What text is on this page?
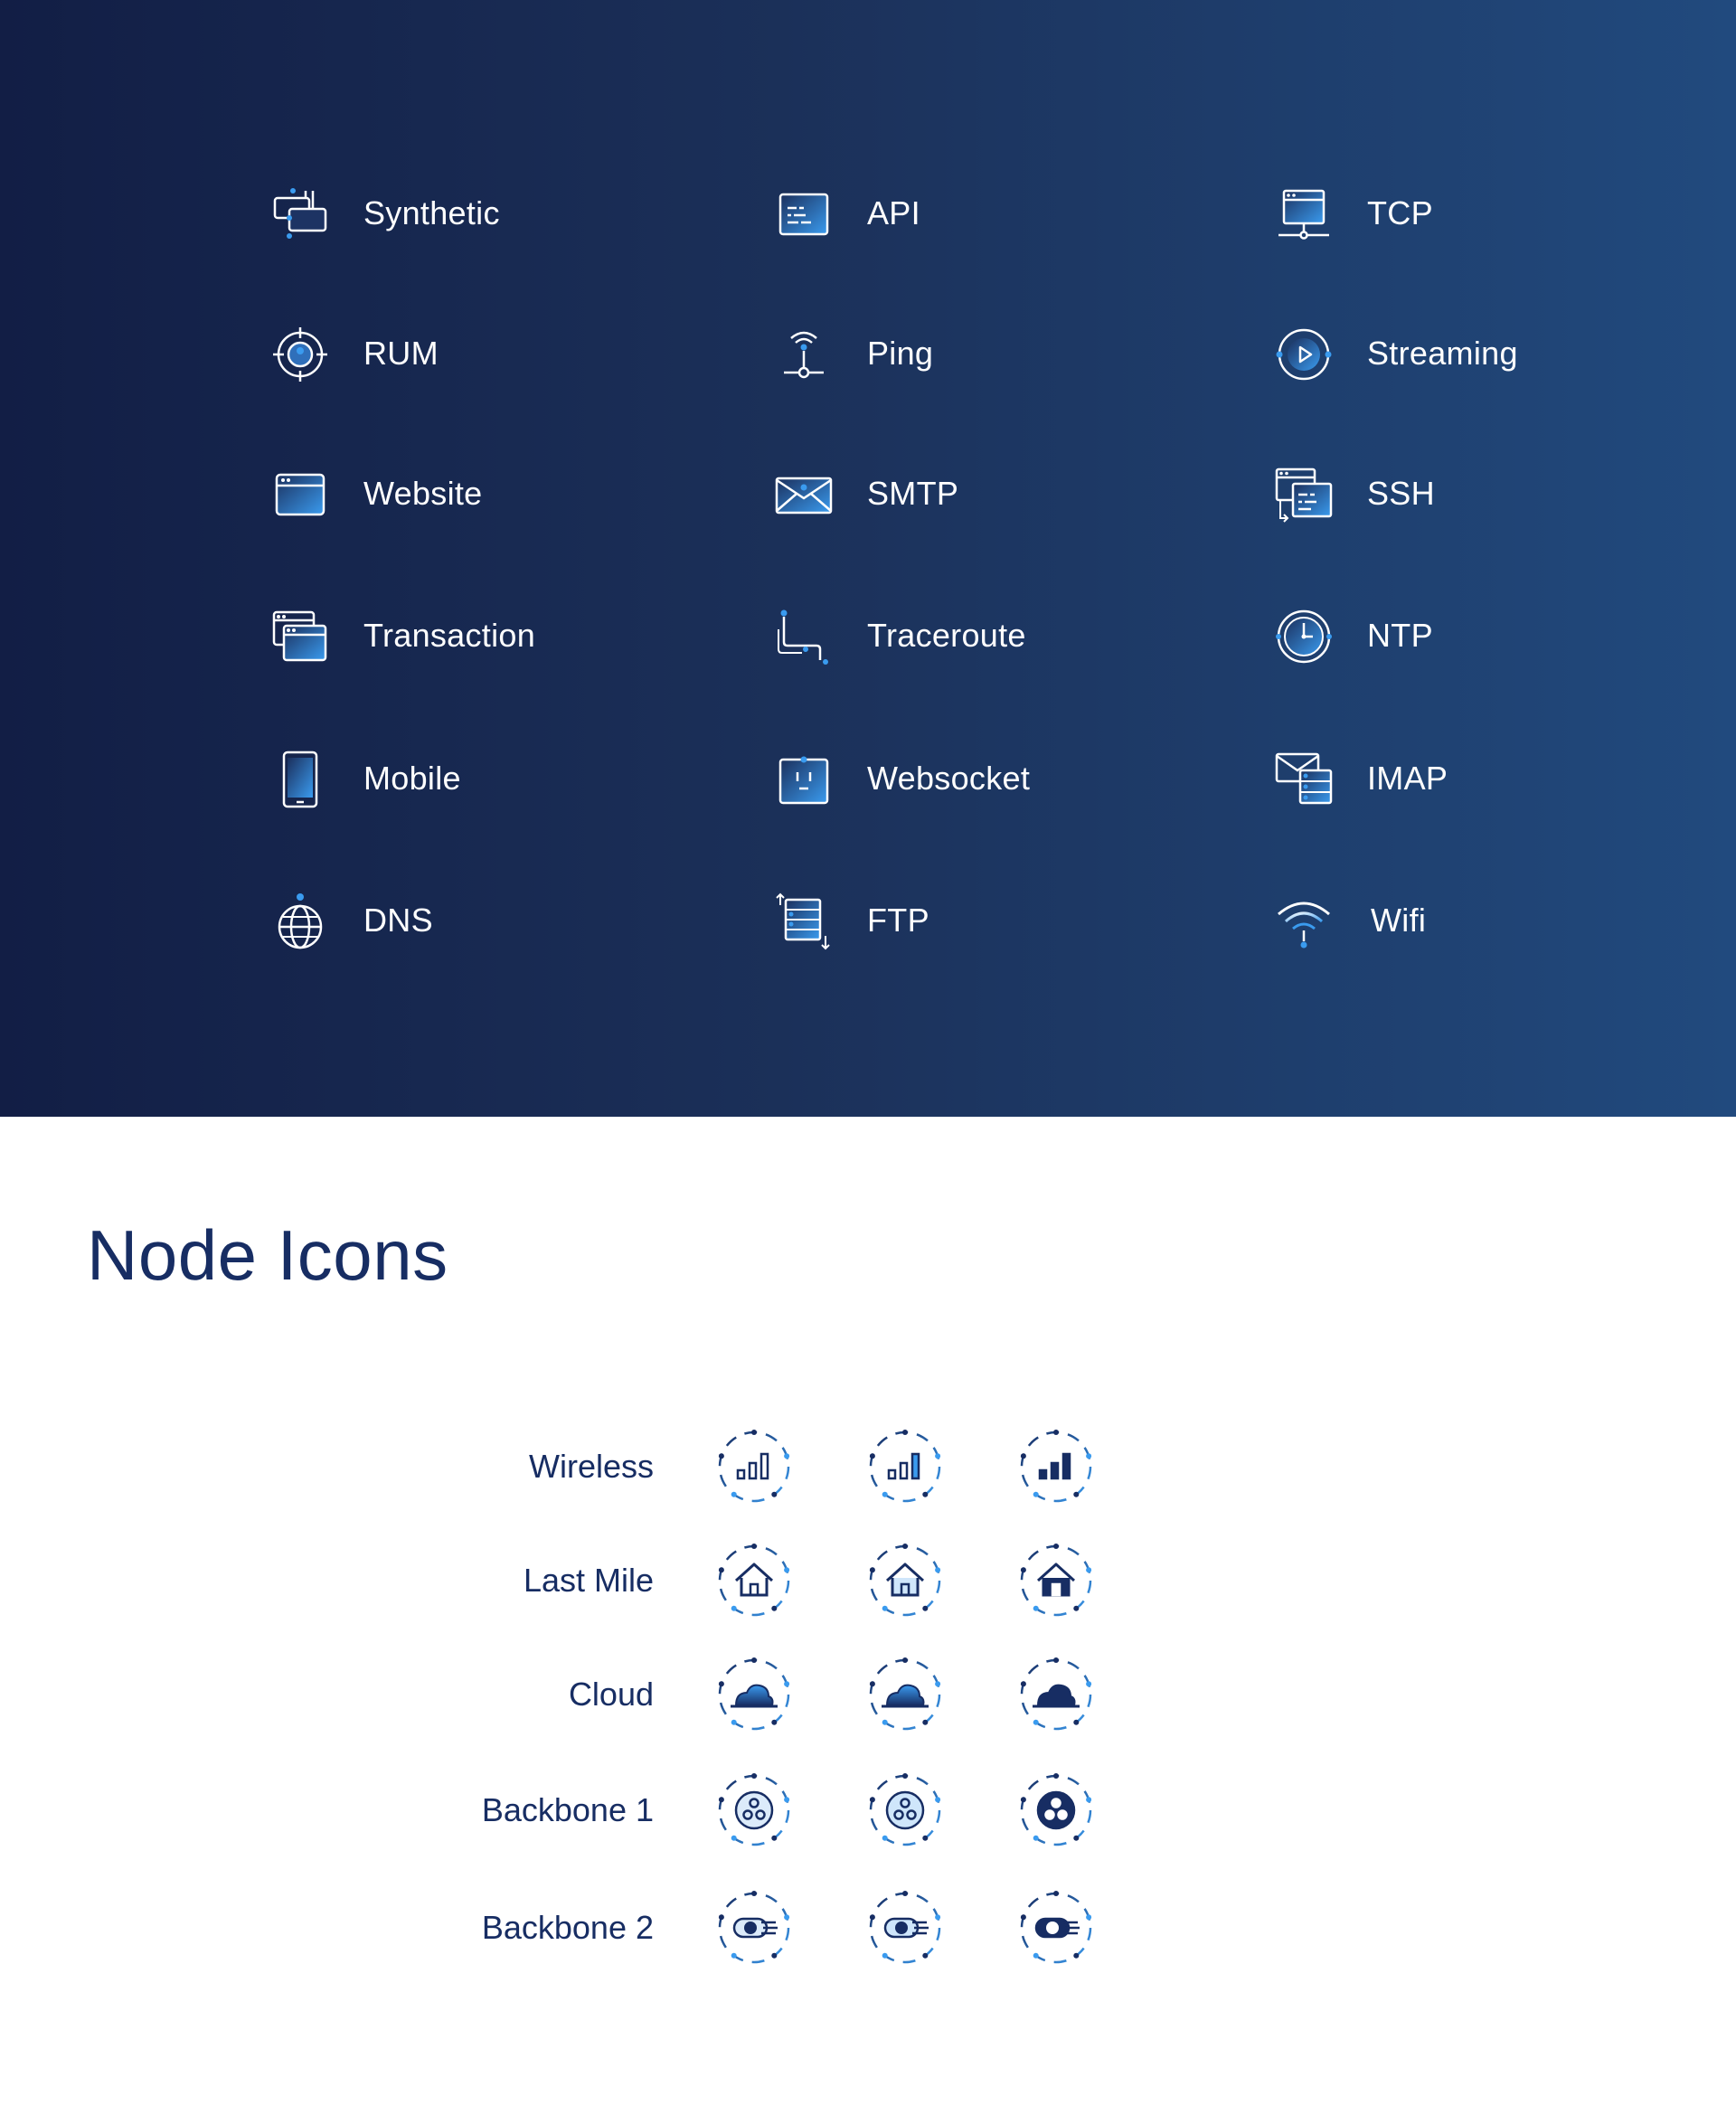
Synthetic
RUM
Website
Transaction
Mobile
DNS
API
Ping
SMTP
Traceroute
Websocket
FTP
TCP
Streaming
SSH
NTP
IMAP
Wifi
Node Icons
Wireless
Last Mile
Cloud
Backbone 1
Backbone 2
